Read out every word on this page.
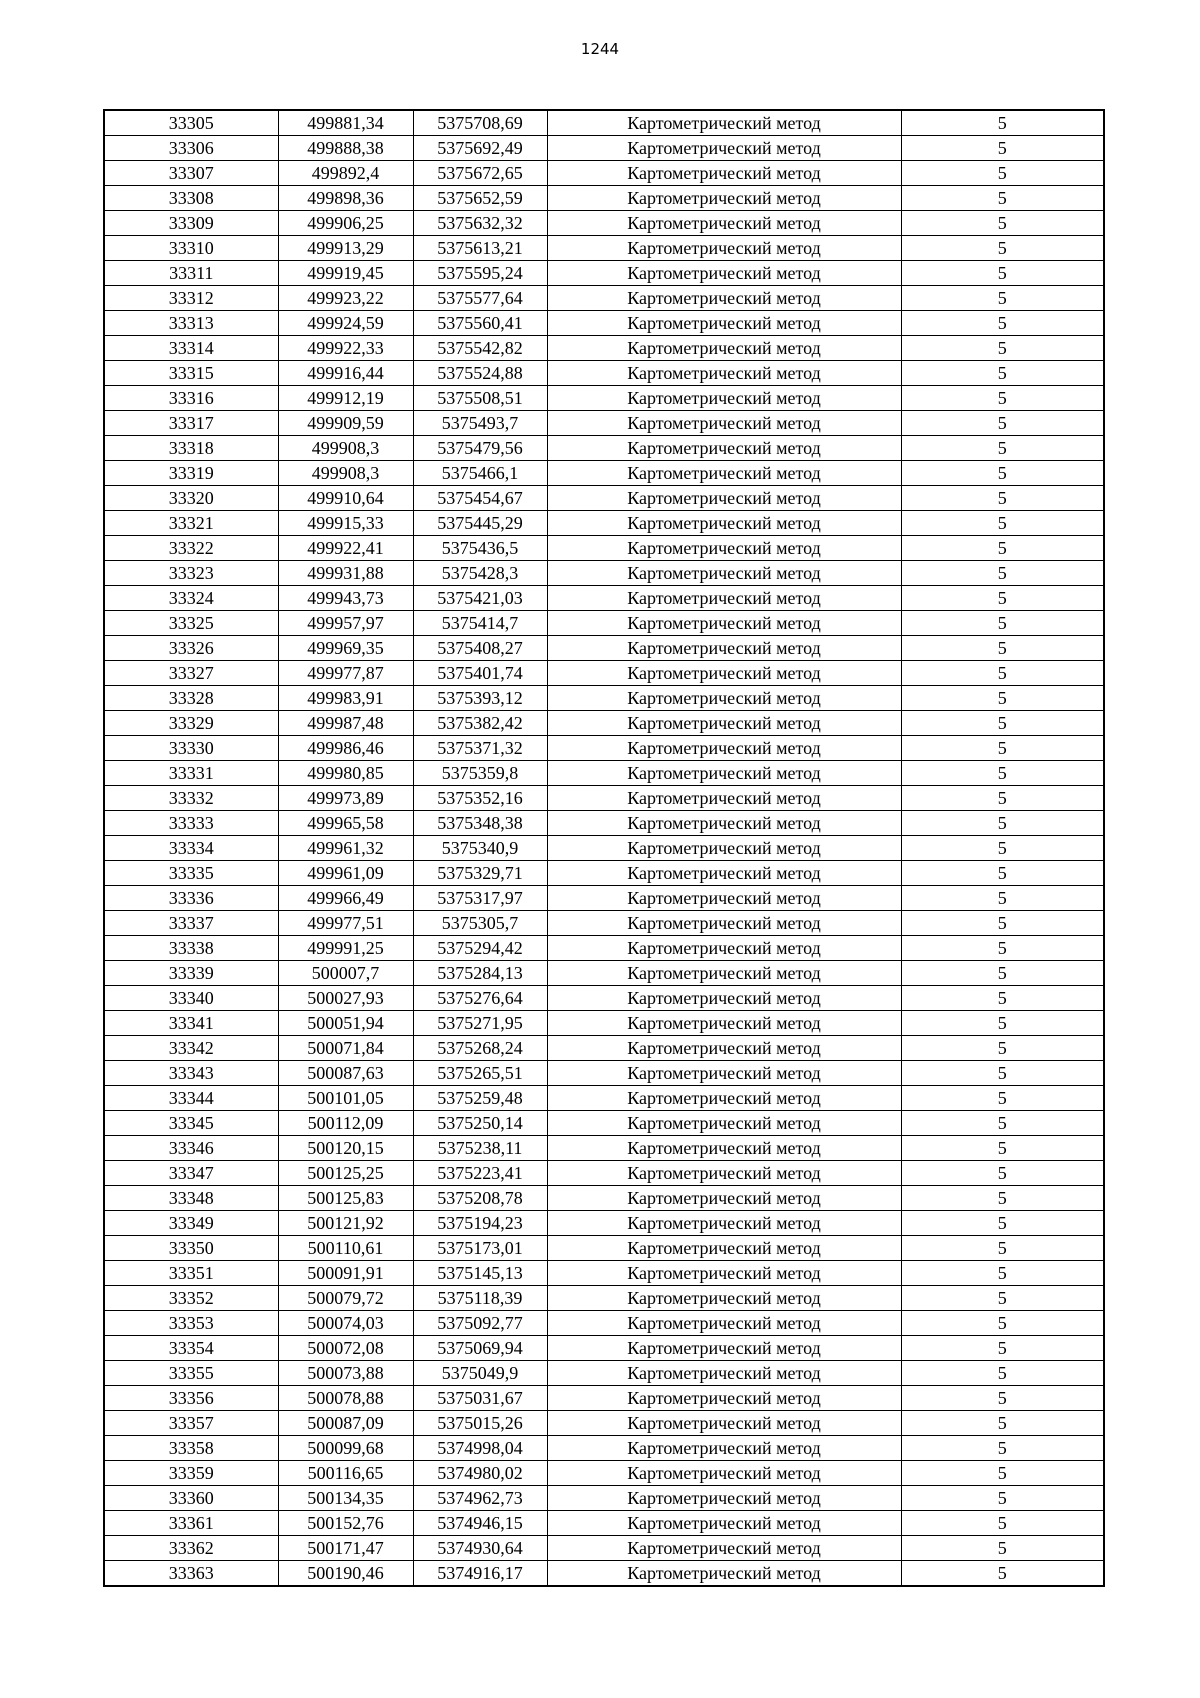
1244
33305	499881,34	5375708,69	Картометрический метод	5
33306	499888,38	5375692,49	Картометрический метод	5
33307	499892,4	5375672,65	Картометрический метод	5
33308	499898,36	5375652,59	Картометрический метод	5
33309	499906,25	5375632,32	Картометрический метод	5
33310	499913,29	5375613,21	Картометрический метод	5
33311	499919,45	5375595,24	Картометрический метод	5
33312	499923,22	5375577,64	Картометрический метод	5
33313	499924,59	5375560,41	Картометрический метод	5
33314	499922,33	5375542,82	Картометрический метод	5
33315	499916,44	5375524,88	Картометрический метод	5
33316	499912,19	5375508,51	Картометрический метод	5
33317	499909,59	5375493,7	Картометрический метод	5
33318	499908,3	5375479,56	Картометрический метод	5
33319	499908,3	5375466,1	Картометрический метод	5
33320	499910,64	5375454,67	Картометрический метод	5
33321	499915,33	5375445,29	Картометрический метод	5
33322	499922,41	5375436,5	Картометрический метод	5
33323	499931,88	5375428,3	Картометрический метод	5
33324	499943,73	5375421,03	Картометрический метод	5
33325	499957,97	5375414,7	Картометрический метод	5
33326	499969,35	5375408,27	Картометрический метод	5
33327	499977,87	5375401,74	Картометрический метод	5
33328	499983,91	5375393,12	Картометрический метод	5
33329	499987,48	5375382,42	Картометрический метод	5
33330	499986,46	5375371,32	Картометрический метод	5
33331	499980,85	5375359,8	Картометрический метод	5
33332	499973,89	5375352,16	Картометрический метод	5
33333	499965,58	5375348,38	Картометрический метод	5
33334	499961,32	5375340,9	Картометрический метод	5
33335	499961,09	5375329,71	Картометрический метод	5
33336	499966,49	5375317,97	Картометрический метод	5
33337	499977,51	5375305,7	Картометрический метод	5
33338	499991,25	5375294,42	Картометрический метод	5
33339	500007,7	5375284,13	Картометрический метод	5
33340	500027,93	5375276,64	Картометрический метод	5
33341	500051,94	5375271,95	Картометрический метод	5
33342	500071,84	5375268,24	Картометрический метод	5
33343	500087,63	5375265,51	Картометрический метод	5
33344	500101,05	5375259,48	Картометрический метод	5
33345	500112,09	5375250,14	Картометрический метод	5
33346	500120,15	5375238,11	Картометрический метод	5
33347	500125,25	5375223,41	Картометрический метод	5
33348	500125,83	5375208,78	Картометрический метод	5
33349	500121,92	5375194,23	Картометрический метод	5
33350	500110,61	5375173,01	Картометрический метод	5
33351	500091,91	5375145,13	Картометрический метод	5
33352	500079,72	5375118,39	Картометрический метод	5
33353	500074,03	5375092,77	Картометрический метод	5
33354	500072,08	5375069,94	Картометрический метод	5
33355	500073,88	5375049,9	Картометрический метод	5
33356	500078,88	5375031,67	Картометрический метод	5
33357	500087,09	5375015,26	Картометрический метод	5
33358	500099,68	5374998,04	Картометрический метод	5
33359	500116,65	5374980,02	Картометрический метод	5
33360	500134,35	5374962,73	Картометрический метод	5
33361	500152,76	5374946,15	Картометрический метод	5
33362	500171,47	5374930,64	Картометрический метод	5
33363	500190,46	5374916,17	Картометрический метод	5
